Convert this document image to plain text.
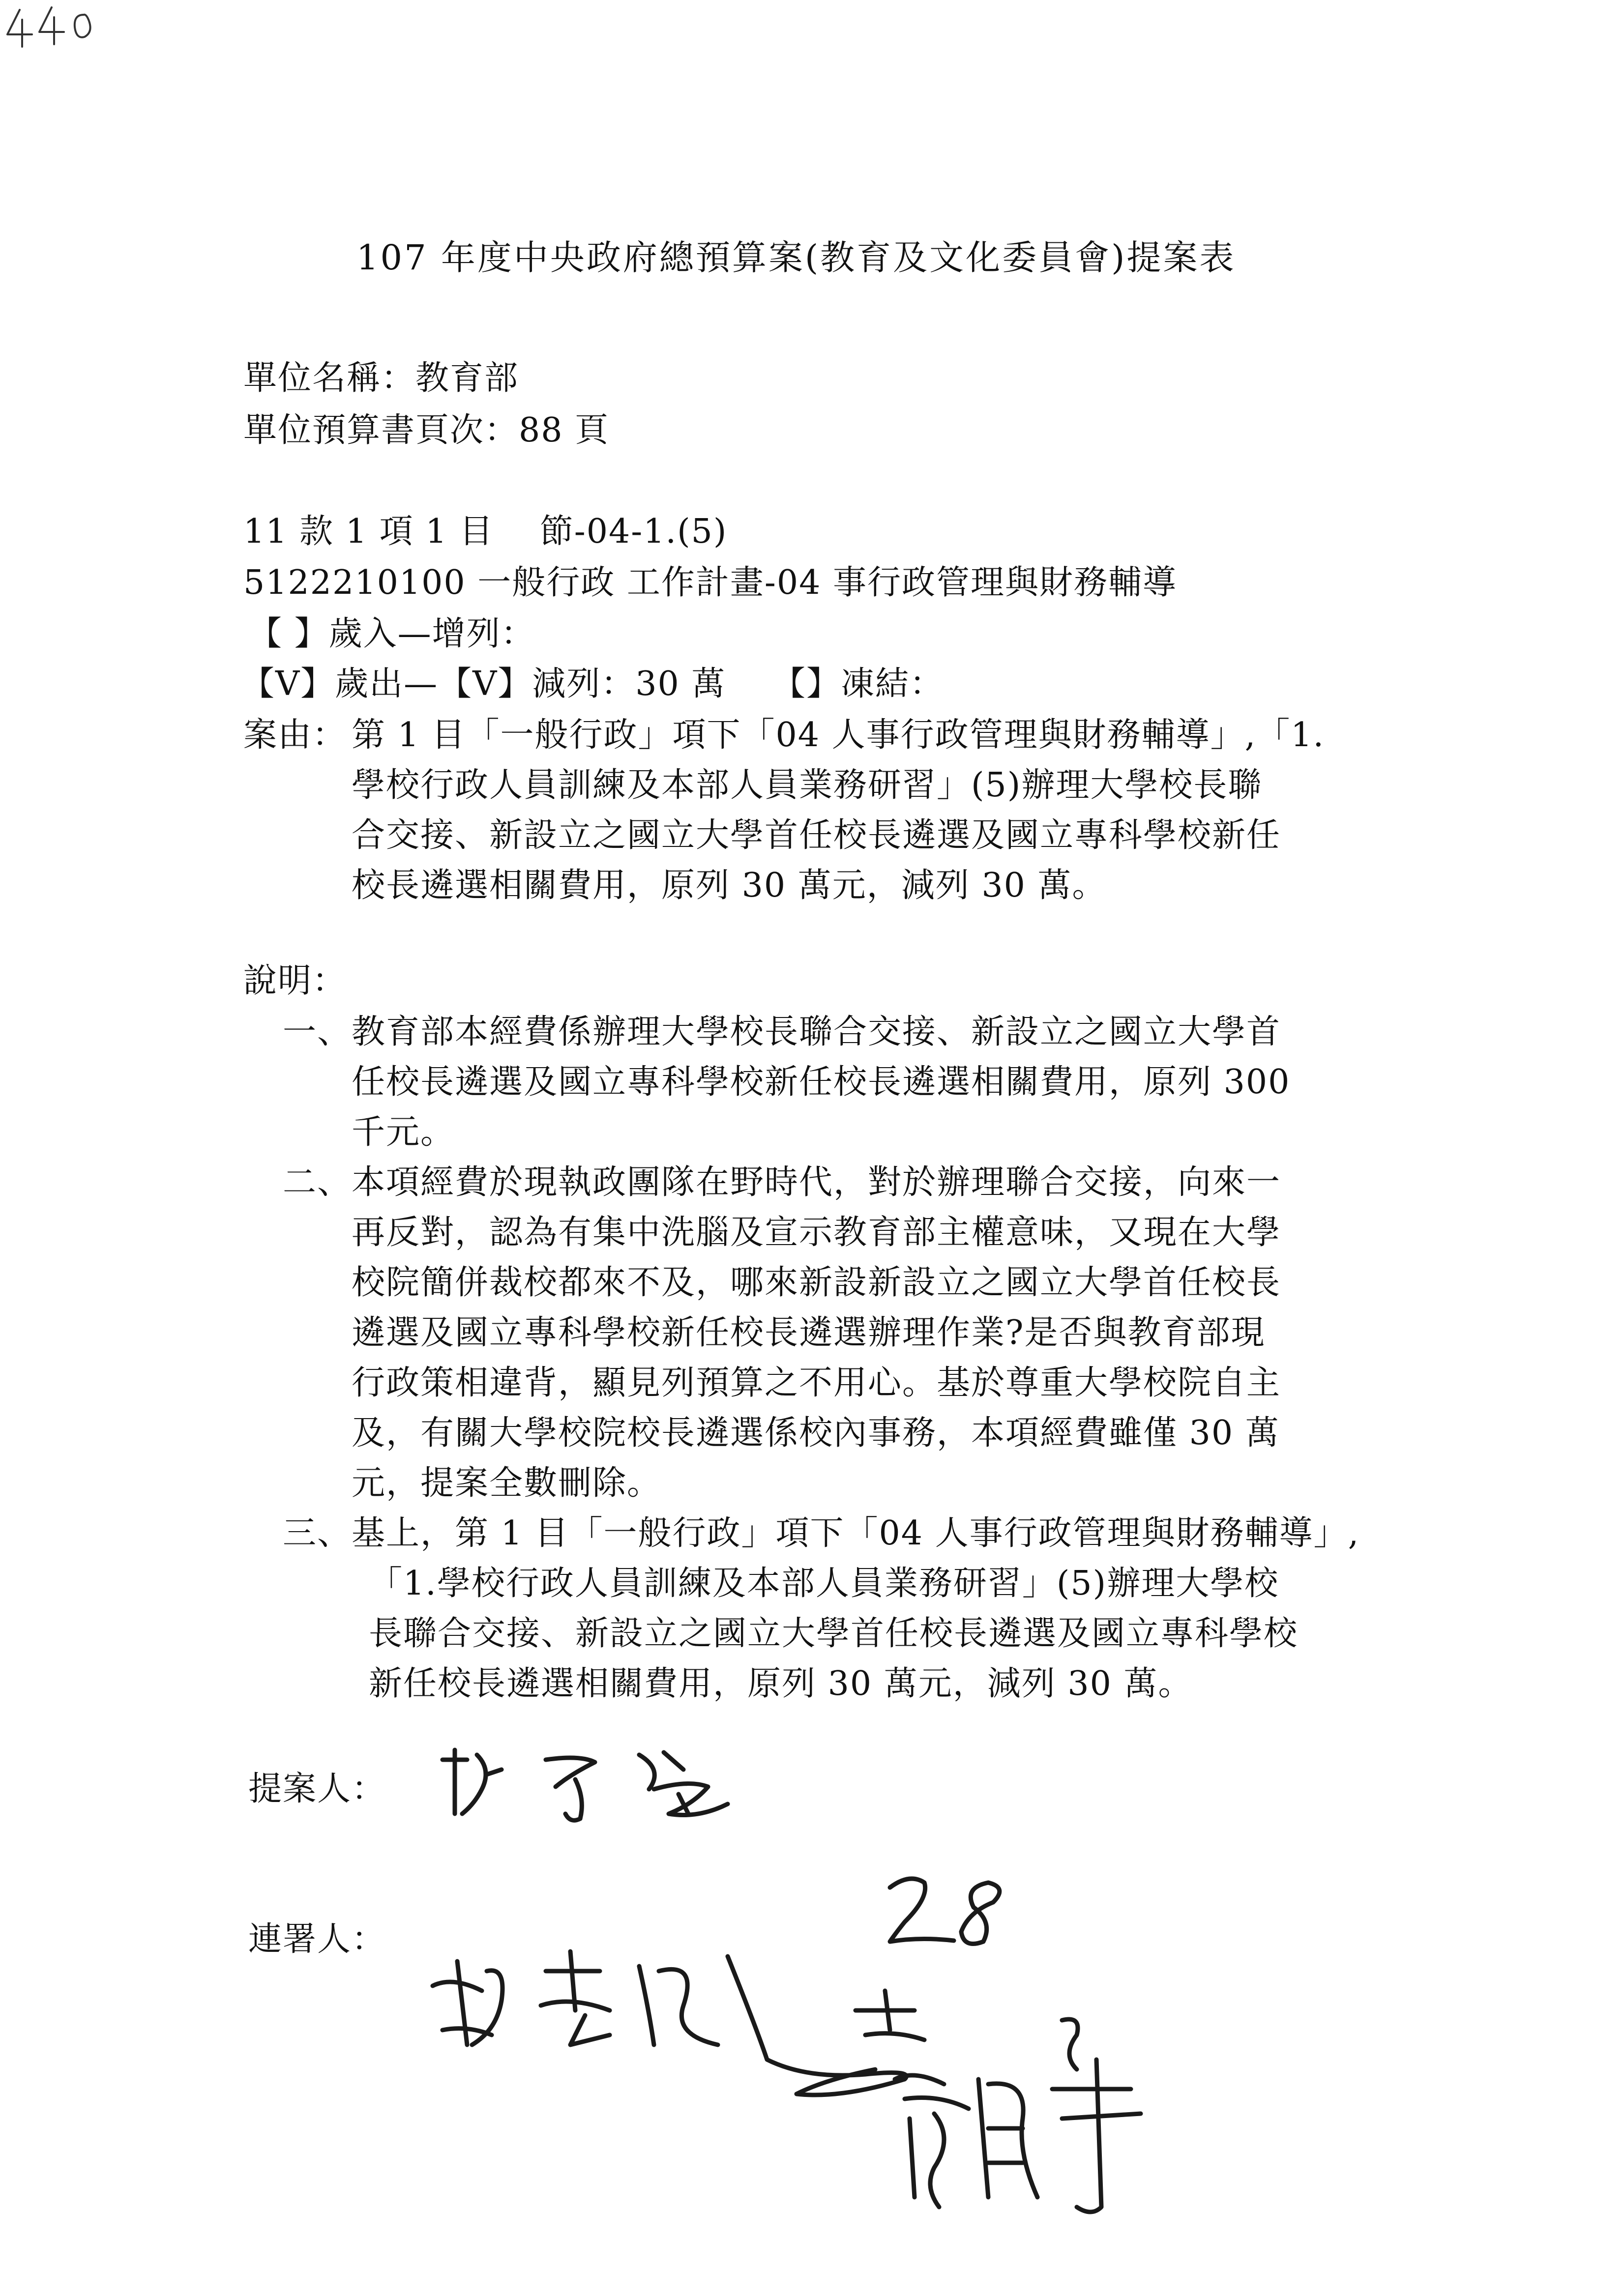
107 年度中央政府總預算案(教育及文化委員會)提案表
單位名稱：教育部
單位預算書頁次：88 頁
11 款 1 項 1 目　 節-04-1.(5)
5122210100 一般行政 工作計畫-04 事行政管理與財務輔導
【 】歲入—增列：
【V】歲出—【V】減列：30 萬　 【】凍結：
案由： 第 1 目「一般行政」項下「04 人事行政管理與財務輔導」,「1.
學校行政人員訓練及本部人員業務研習」(5)辦理大學校長聯
合交接、新設立之國立大學首任校長遴選及國立專科學校新任
校長遴選相關費用，原列 30 萬元，減列 30 萬。
說明：
一、 教育部本經費係辦理大學校長聯合交接、新設立之國立大學首
任校長遴選及國立專科學校新任校長遴選相關費用，原列 300
千元。
二、 本項經費於現執政團隊在野時代，對於辦理聯合交接，向來一
再反對，認為有集中洗腦及宣示教育部主權意味，又現在大學
校院簡併裁校都來不及，哪來新設新設立之國立大學首任校長
遴選及國立專科學校新任校長遴選辦理作業?是否與教育部現
行政策相違背，顯見列預算之不用心。基於尊重大學校院自主
及，有關大學校院校長遴選係校內事務，本項經費雖僅 30 萬
元，提案全數刪除。
三、 基上，第 1 目「一般行政」項下「04 人事行政管理與財務輔導」,
「1.學校行政人員訓練及本部人員業務研習」(5)辦理大學校
長聯合交接、新設立之國立大學首任校長遴選及國立專科學校
新任校長遴選相關費用，原列 30 萬元，減列 30 萬。
提案人：
連署人：
